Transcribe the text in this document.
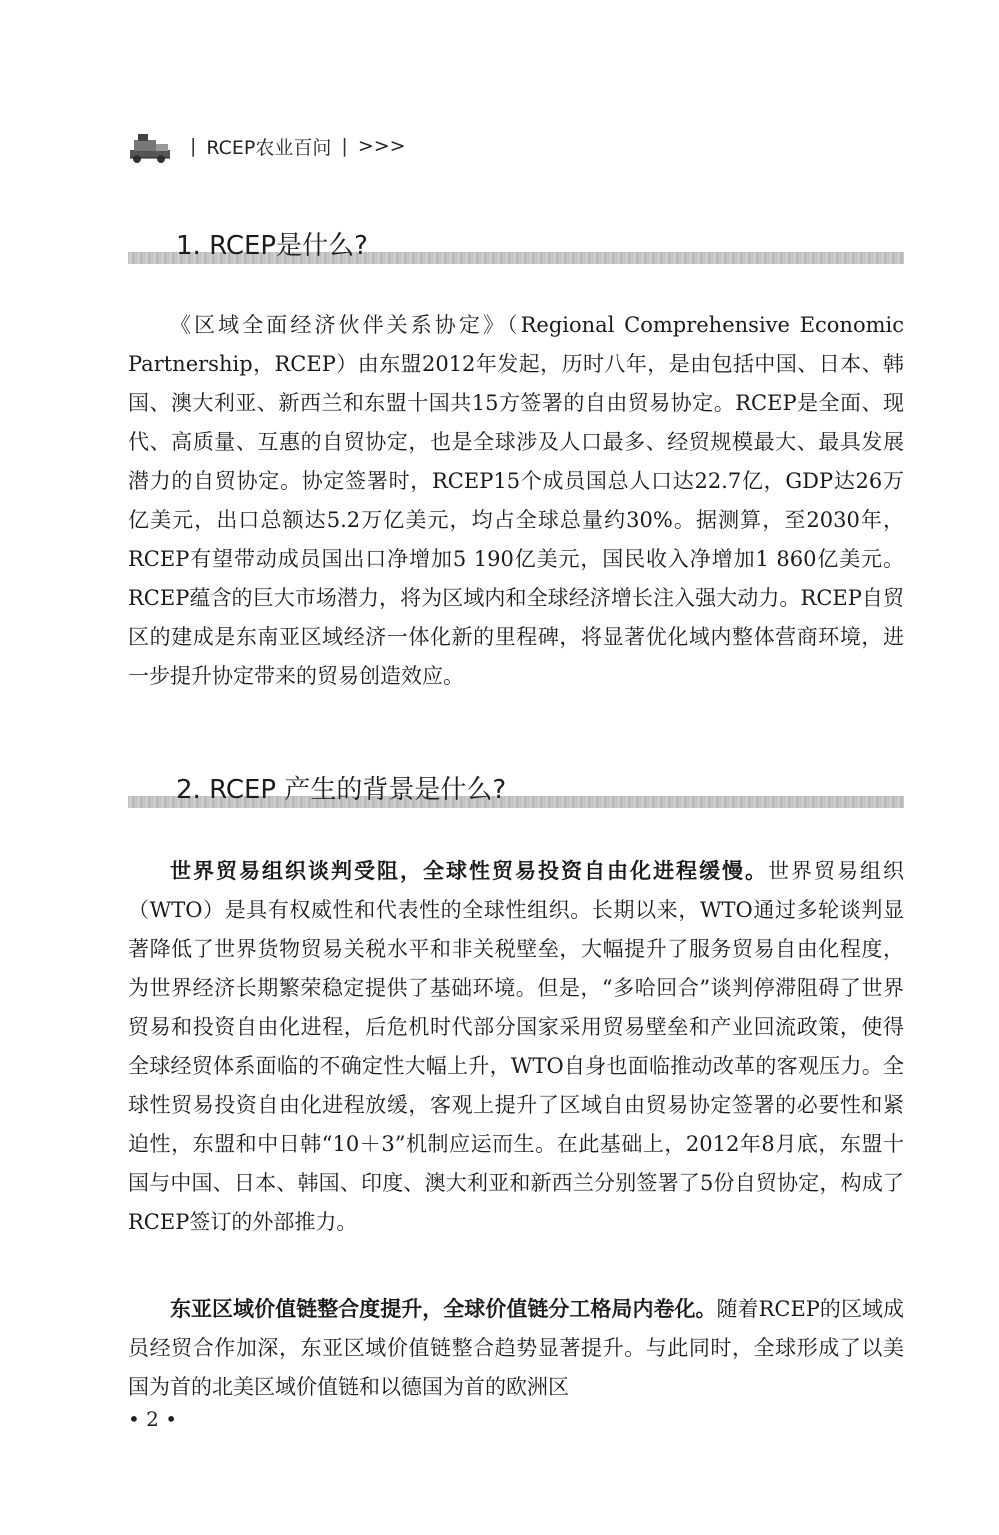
| RCEP农业百问 | >>>
1. RCEP是什么?

《区域全面经济伙伴关系协定》（Regional Comprehensive Economic Partnership，RCEP）由东盟2012年发起，历时八年，是由包括中国、日本、韩国、澳大利亚、新西兰和东盟十国共15方签署的自由贸易协定。RCEP是全面、现代、高质量、互惠的自贸协定，也是全球涉及人口最多、经贸规模最大、最具发展潜力的自贸协定。协定签署时，RCEP15个成员国总人口达22.7亿，GDP达26万亿美元，出口总额达5.2万亿美元，均占全球总量约30%。据测算，至2030年，RCEP有望带动成员国出口净增加5 190亿美元，国民收入净增加1 860亿美元。RCEP蕴含的巨大市场潜力，将为区域内和全球经济增长注入强大动力。RCEP自贸区的建成是东南亚区域经济一体化新的里程碑，将显著优化域内整体营商环境，进一步提升协定带来的贸易创造效应。

2. RCEP 产生的背景是什么?

世界贸易组织谈判受阻，全球性贸易投资自由化进程缓慢。世界贸易组织（WTO）是具有权威性和代表性的全球性组织。长期以来，WTO通过多轮谈判显著降低了世界货物贸易关税水平和非关税壁垒，大幅提升了服务贸易自由化程度，为世界经济长期繁荣稳定提供了基础环境。但是，“多哈回合”谈判停滞阻碍了世界贸易和投资自由化进程，后危机时代部分国家采用贸易壁垒和产业回流政策，使得全球经贸体系面临的不确定性大幅上升，WTO自身也面临推动改革的客观压力。全球性贸易投资自由化进程放缓，客观上提升了区域自由贸易协定签署的必要性和紧迫性，东盟和中日韩“10＋3”机制应运而生。在此基础上，2012年8月底，东盟十国与中国、日本、韩国、印度、澳大利亚和新西兰分别签署了5份自贸协定，构成了RCEP签订的外部推力。

东亚区域价值链整合度提升，全球价值链分工格局内卷化。随着RCEP的区域成员经贸合作加深，东亚区域价值链整合趋势显著提升。与此同时，全球形成了以美国为首的北美区域价值链和以德国为首的欧洲区

• 2 •
